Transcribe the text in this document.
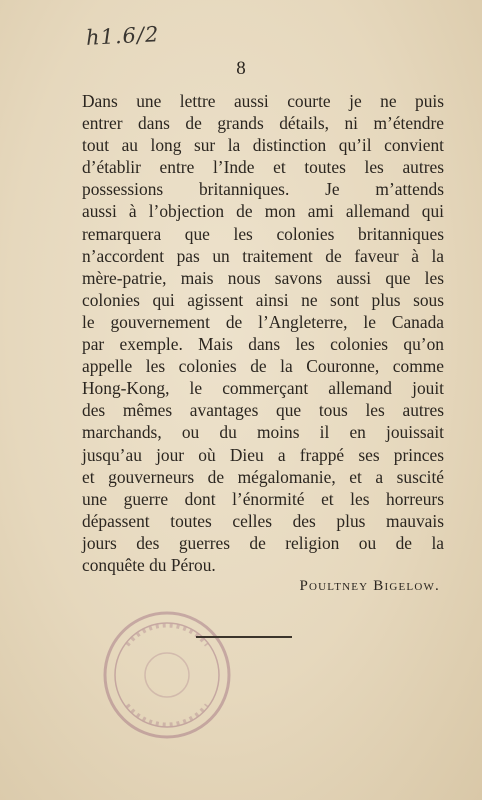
h1.6/2

8

Dans une lettre aussi courte je ne puis
entrer dans de grands détails, ni m’étendre
tout au long sur la distinction qu’il convient
d’établir entre l’Inde et toutes les autres
possessions britanniques. Je m’attends
aussi à l’objection de mon ami allemand qui
remarquera que les colonies britanniques
n’accordent pas un traitement de faveur à la
mère-patrie, mais nous savons aussi que les
colonies qui agissent ainsi ne sont plus sous
le gouvernement de l’Angleterre, le Canada
par exemple. Mais dans les colonies qu’on
appelle les colonies de la Couronne, comme
Hong-Kong, le commerçant allemand jouit
des mêmes avantages que tous les autres
marchands, ou du moins il en jouissait
jusqu’au jour où Dieu a frappé ses princes
et gouverneurs de mégalomanie, et a suscité
une guerre dont l’énormité et les horreurs
dépassent toutes celles des plus mauvais
jours des guerres de religion ou de la
conquête du Pérou.

Poultney Bigelow.
